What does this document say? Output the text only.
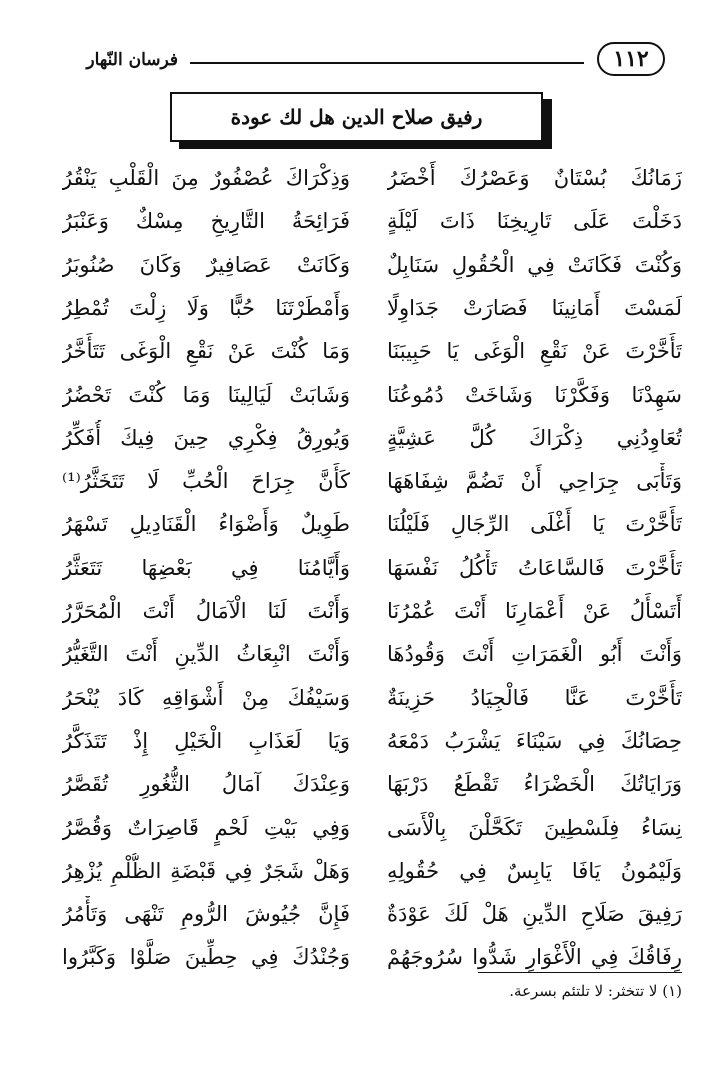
١١٢
فرسان النّهار
رفيق صلاح الدين هل لك عودة
زَمَانُكَ بُسْتَانٌ وَعَصْرُكَ أَخْضَرُ
وَذِكْرَاكَ عُصْفُورٌ مِنَ الْقَلْبِ يَنْقُرُ
دَخَلْتَ عَلَى تَارِيخِنَا ذَاتَ لَيْلَةٍ
فَرَائِحَةُ التَّارِيخِ مِسْكٌ وَعَنْبَرُ
وَكُنْتَ فَكَانَتْ فِي الْحُقُولِ سَنَابِلٌ
وَكَانَتْ عَصَافِيرٌ وَكَانَ صُنُوبَرُ
لَمَسْتَ أَمَانِينَا فَصَارَتْ جَدَاوِلًا
وَأَمْطَرْتَنَا حُبًّا وَلَا زِلْتَ تُمْطِرُ
تَأَخَّرْتَ عَنْ نَقْعِ الْوَغَى يَا حَبِيبَنَا
وَمَا كُنْتَ عَنْ نَقْعِ الْوَغَى تَتَأَخَّرُ
سَهِدْنَا وَفَكَّرْنَا وَشَاخَتْ دُمُوعُنَا
وَشَابَتْ لَيَالِينَا وَمَا كُنْتَ تَحْضُرُ
تُعَاوِدُنِي ذِكْرَاكَ كُلَّ عَشِيَّةٍ
وَيُورِقُ فِكْرِي حِينَ فِيكَ أُفَكِّرُ
وَتَأْبَى جِرَاحِي أَنْ تَضُمَّ شِفَاهَهَا
كَأَنَّ جِرَاحَ الْحُبِّ لَا تَتَخَثَّرُ⁽¹⁾
تَأَخَّرْتَ يَا أَغْلَى الرِّجَالِ فَلَيْلُنَا
طَوِيلٌ وَأَضْوَاءُ الْقَنَادِيلِ تَسْهَرُ
تَأَخَّرْتَ فَالسَّاعَاتُ تَأْكُلُ نَفْسَهَا
وَأَيَّامُنَا فِي بَعْضِهَا تَتَعَثَّرُ
أَتَسْأَلُ عَنْ أَعْمَارِنَا أَنْتَ عُمْرُنَا
وَأَنْتَ لَنَا الْآمَالُ أَنْتَ الْمُحَرَّرُ
وَأَنْتَ أَبُو الْغَمَرَاتِ أَنْتَ وَقُودُهَا
وَأَنْتَ انْبِعَاثُ الدِّينِ أَنْتَ التَّغَيُّرُ
تَأَخَّرْتَ عَنَّا فَالْجِيَادُ حَزِينَةٌ
وَسَيْفُكَ مِنْ أَشْوَاقِهِ كَادَ يُنْحَرُ
حِصَانُكَ فِي سَيْنَاءَ يَشْرَبُ دَمْعَهُ
وَيَا لَعَذَابِ الْخَيْلِ إِذْ تَتَذَكَّرُ
وَرَايَاتُكَ الْخَضْرَاءُ تَقْطَعُ دَرْبَهَا
وَعِنْدَكَ آمَالُ الثُّغُورِ تُقَصَّرُ
نِسَاءُ فِلَسْطِينَ تَكَحَّلْنَ بِالْأَسَى
وَفِي بَيْتِ لَحْمٍ قَاصِرَاتٌ وَقُصَّرُ
وَلَيْمُونُ يَافَا يَابِسٌ فِي حُقُولِهِ
وَهَلْ شَجَرٌ فِي قَبْضَةِ الظُّلْمِ يُزْهِرُ
رَفِيقَ صَلَاحِ الدِّينِ هَلْ لَكَ عَوْدَةٌ
فَإِنَّ جُيُوشَ الرُّومِ تَنْهَى وَتَأْمُرُ
رِفَاقُكَ فِي الْأَغْوَارِ شَدُّوا سُرُوجَهُمْ
وَجُنْدُكَ فِي حِطِّينَ صَلَّوْا وَكَبَّرُوا
(١) لا تتخثر: لا تلتئم بسرعة.
